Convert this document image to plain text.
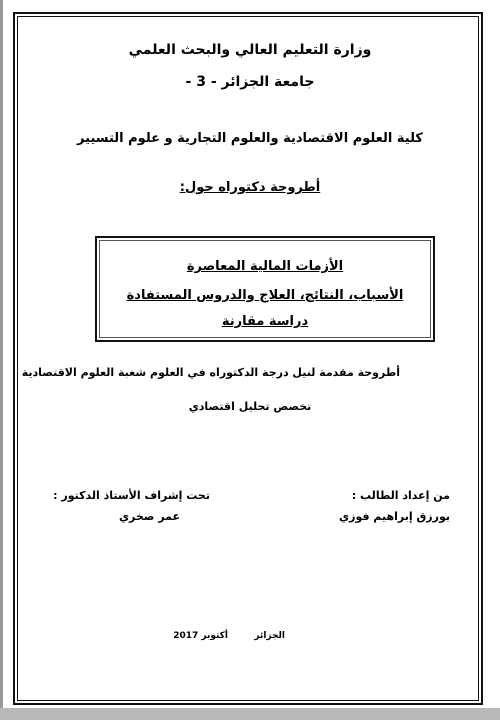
وزارة التعليم العالي والبحث العلمي
جامعة الجزائر - 3 -
كلية العلوم الاقتصادية والعلوم التجارية و علوم التسيير
أطروحة دكتوراه حول:
الأزمات المالية المعاصرة
الأسباب، النتائج، العلاج والدروس المستفادة
دراسة مقارنة
أطروحة مقدمة لنيل درجة الدكتوراه في العلوم شعبة العلوم الاقتصادية
تخصص تحليل اقتصادي
من إعداد الطالب :
بورزق إبراهيم فوزي
تحت إشراف الأستاذ الدكتور :
عمر صخري
الجزائر
أكتوبر 2017
